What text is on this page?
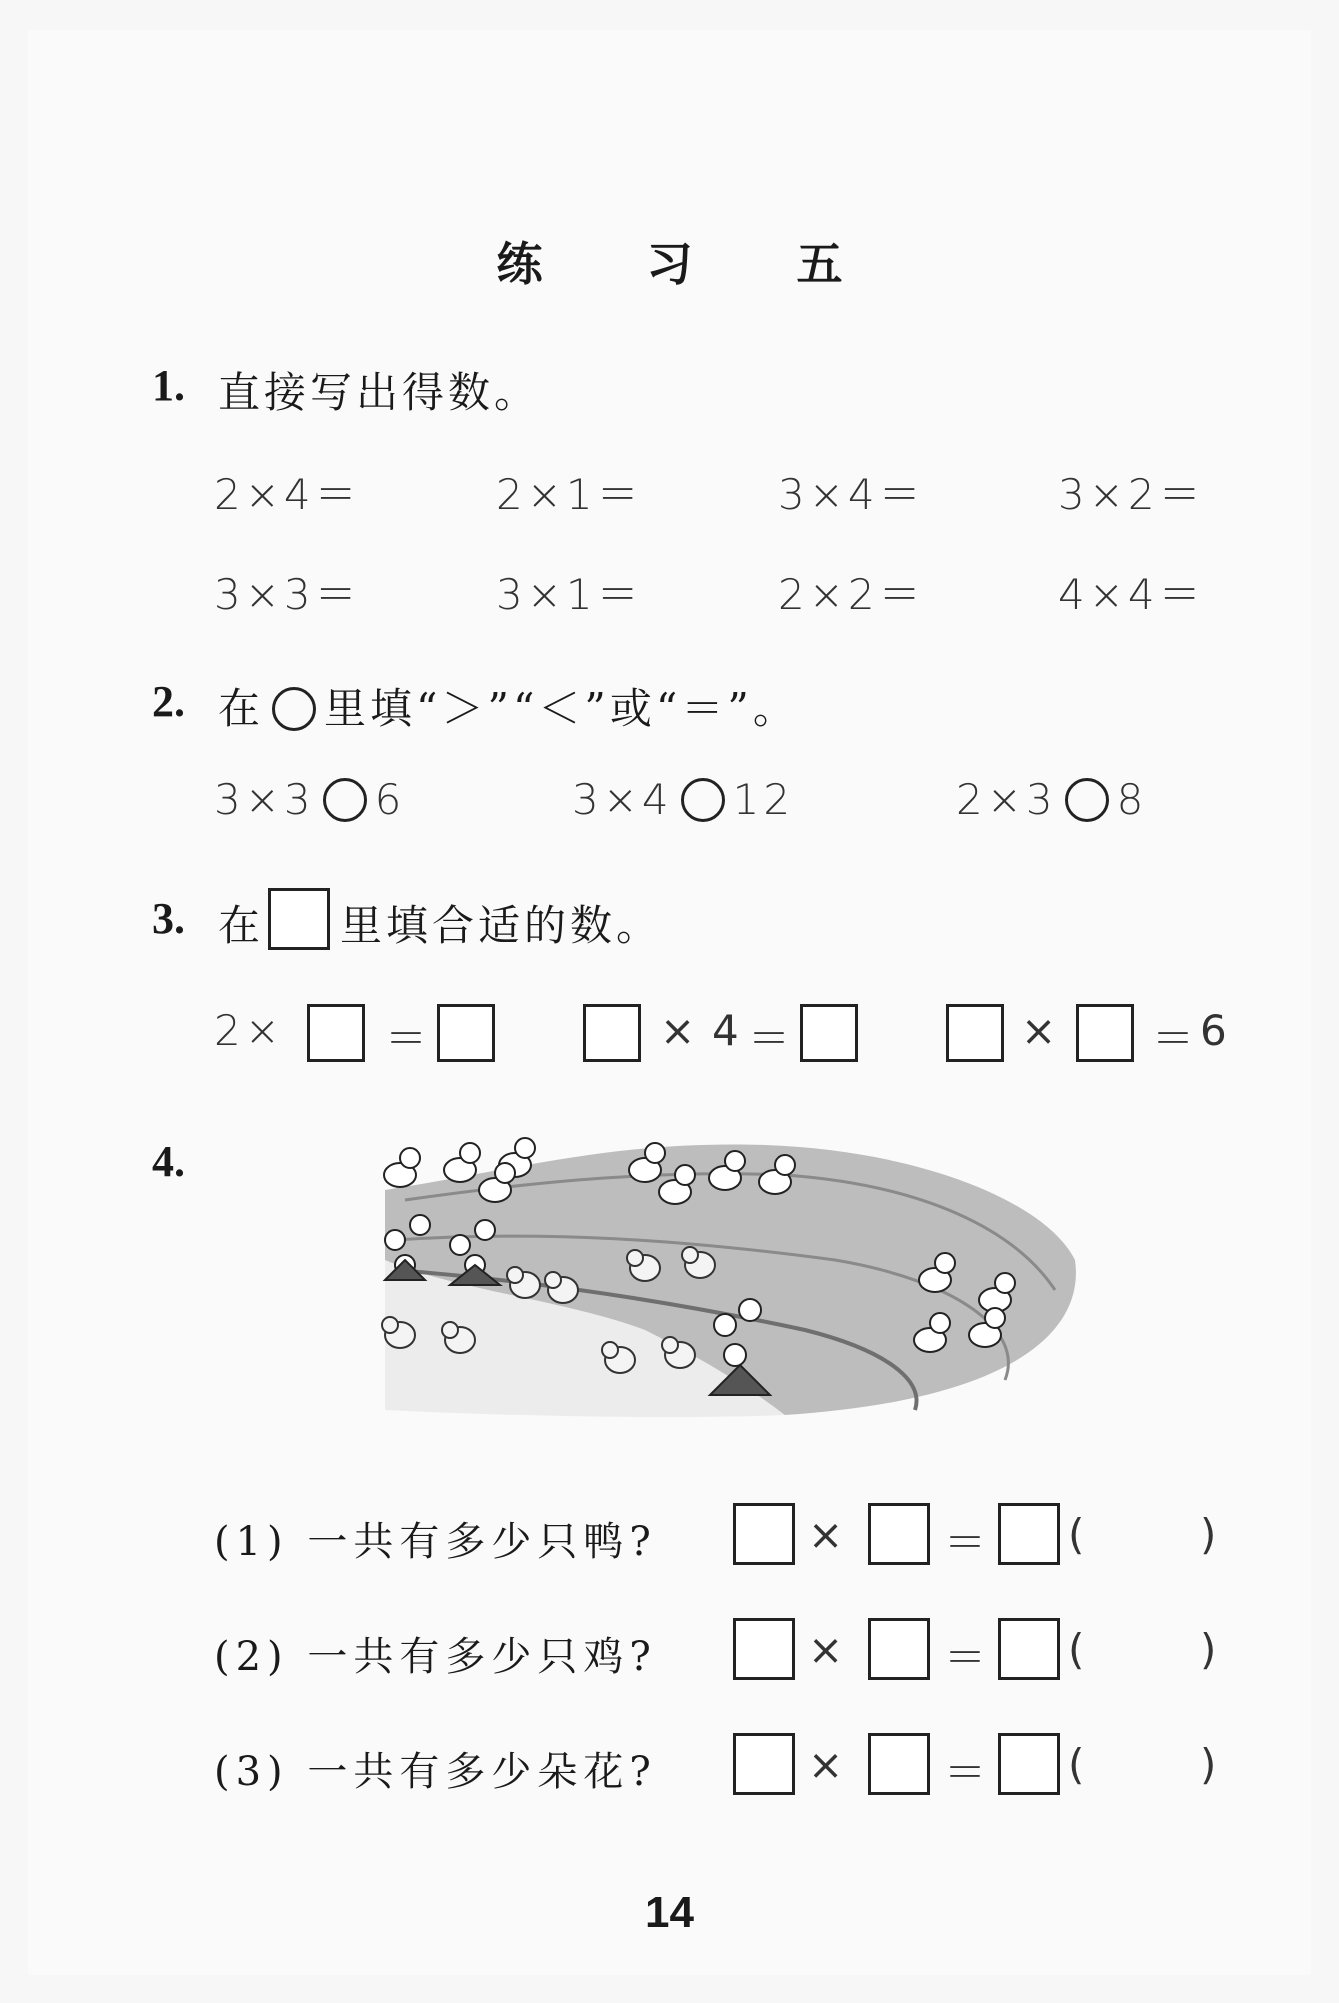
练 习 五
1. 直接写出得数。
2×4＝	2×1＝	3×4＝	3×2＝
3×3＝	3×1＝	2×2＝	4×4＝
2. 在 里填“＞”“＜”或“＝”。
3×3 6	3×4 12	2×3 8
3. 在 里填合适的数。
2× ＝	× 4 ＝	× ＝ 6
4.
(1) 一共有多少只鸭?	× ＝ (	)
(2) 一共有多少只鸡?	× ＝ (	)
(3) 一共有多少朵花?	× ＝ (	)
14
